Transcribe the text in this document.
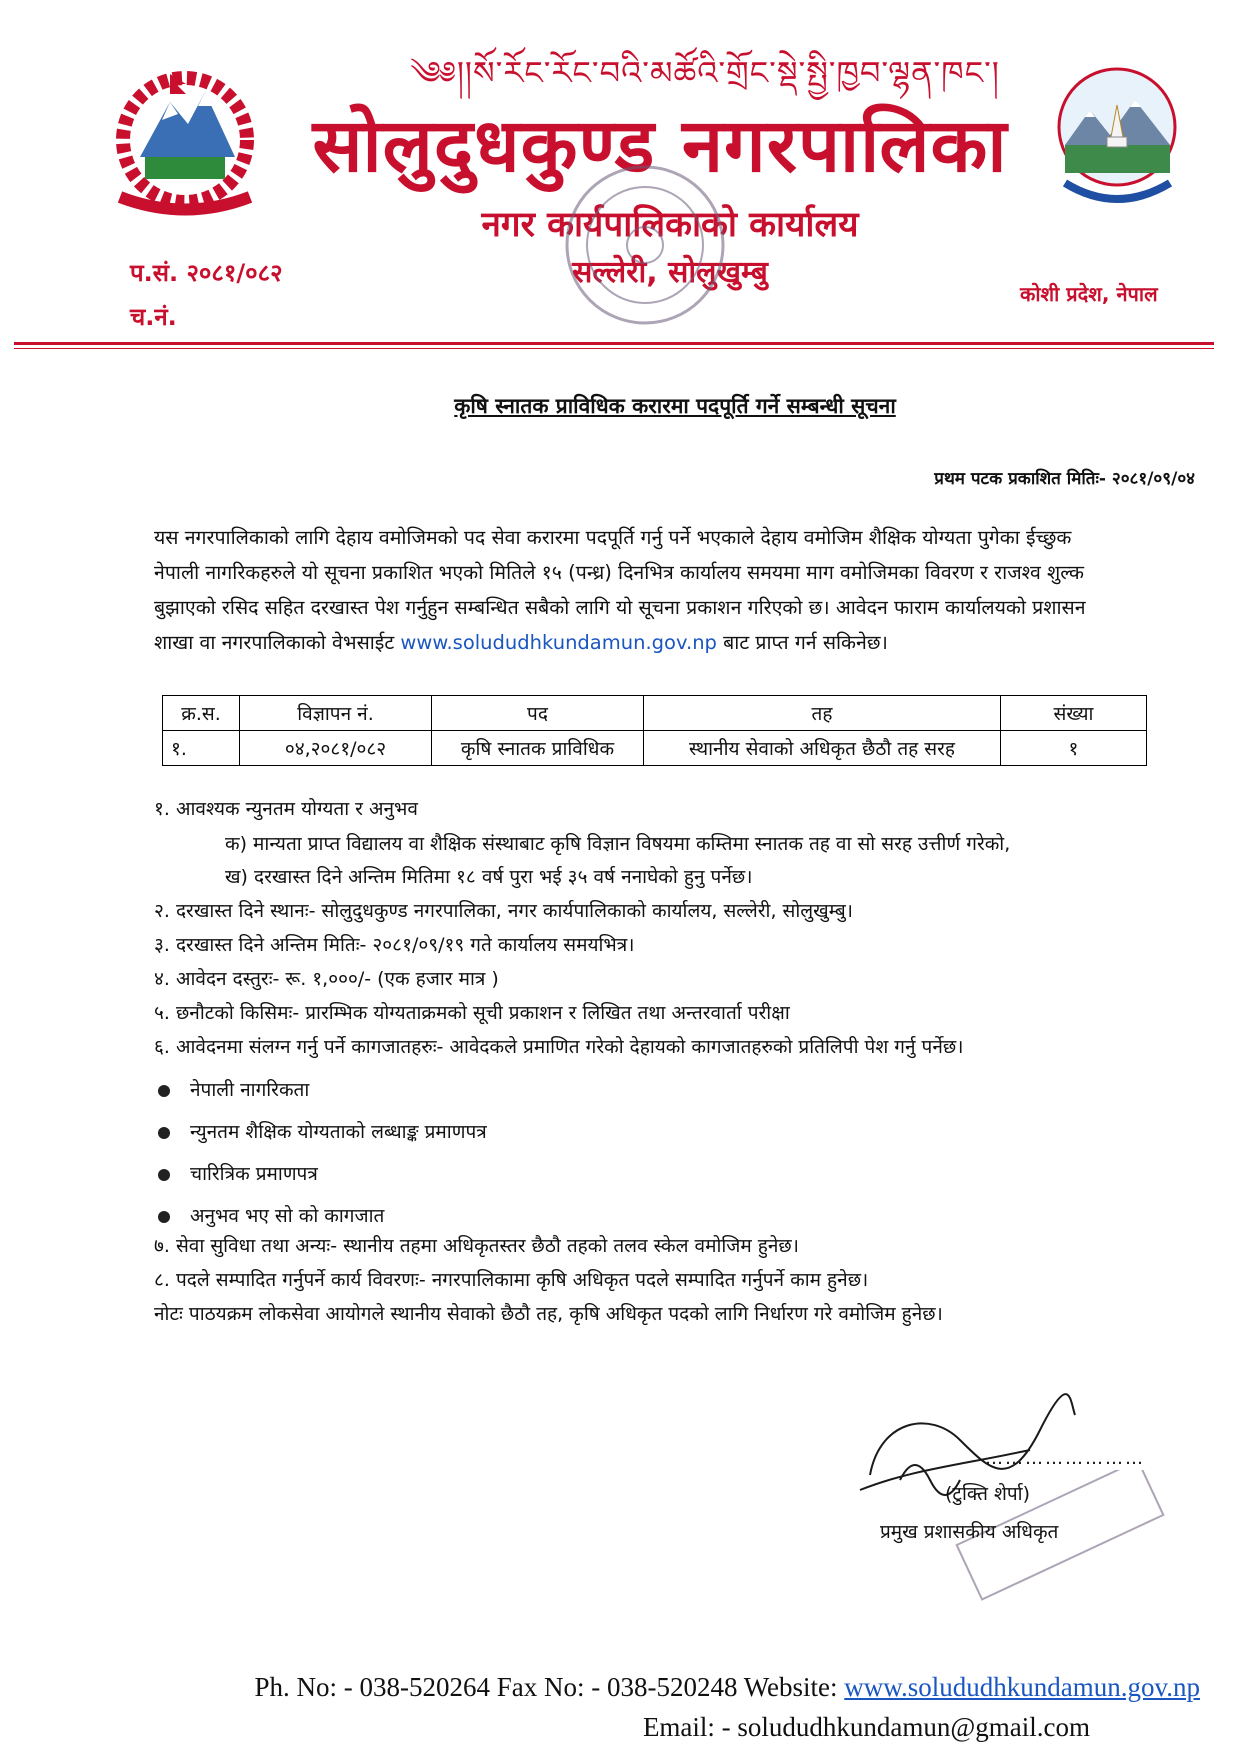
༄༅།།སོ་རོང་རོང་བའི་མཚོའི་གྲོང་སྡེ་སྤྱི་ཁྱབ་ལྷན་ཁང་།
सोलुदुधकुण्ड नगरपालिका
नगर कार्यपालिकाको कार्यालय
सल्लेरी, सोलुखुम्बु
प.सं. २०८१/०८२
च.नं.
कोशी प्रदेश, नेपाल
कृषि स्नातक प्राविधिक करारमा पदपूर्ति गर्ने सम्बन्धी सूचना
प्रथम पटक प्रकाशित मितिः- २०८१/०९/०४
यस नगरपालिकाको लागि देहाय वमोजिमको पद सेवा करारमा पदपूर्ति गर्नु पर्ने भएकाले देहाय वमोजिम शैक्षिक योग्यता पुगेका ईच्छुक
नेपाली नागरिकहरुले यो सूचना प्रकाशित भएको मितिले १५ (पन्ध्र) दिनभित्र कार्यालय समयमा माग वमोजिमका विवरण र राजश्व शुल्क
बुझाएको रसिद सहित दरखास्त पेश गर्नुहुन सम्बन्धित सबैको लागि यो सूचना प्रकाशन गरिएको छ। आवेदन फाराम कार्यालयको प्रशासन
शाखा वा नगरपालिकाको वेभसाईट www.solududhkundamun.gov.np बाट प्राप्त गर्न सकिनेछ।
क्र.स.	विज्ञापन नं.	पद	तह	संख्या
१.	०४,२०८१/०८२	कृषि स्नातक प्राविधिक	स्थानीय सेवाको अधिकृत छैठौ तह सरह	१
१. आवश्यक न्युनतम योग्यता र अनुभव
क) मान्यता प्राप्त विद्यालय वा शैक्षिक संस्थाबाट कृषि विज्ञान विषयमा कम्तिमा स्नातक तह वा सो सरह उत्तीर्ण गरेको,
ख) दरखास्त दिने अन्तिम मितिमा १८ वर्ष पुरा भई ३५ वर्ष ननाघेको हुनु पर्नेछ।
२. दरखास्त दिने स्थानः- सोलुदुधकुण्ड नगरपालिका, नगर कार्यपालिकाको कार्यालय, सल्लेरी, सोलुखुम्बु।
३. दरखास्त दिने अन्तिम मितिः- २०८१/०९/१९ गते कार्यालय समयभित्र।
४. आवेदन दस्तुरः- रू. १,०००/- (एक हजार मात्र )
५. छनौटको किसिमः- प्रारम्भिक योग्यताक्रमको सूची प्रकाशन र लिखित तथा अन्तरवार्ता परीक्षा
६. आवेदनमा संलग्न गर्नु पर्ने कागजातहरुः- आवेदकले प्रमाणित गरेको देहायको कागजातहरुको प्रतिलिपी पेश गर्नु पर्नेछ।
नेपाली नागरिकता
न्युनतम शैक्षिक योग्यताको लब्धाङ्क प्रमाणपत्र
चारित्रिक प्रमाणपत्र
अनुभव भए सो को कागजात
७. सेवा सुविधा तथा अन्यः- स्थानीय तहमा अधिकृतस्तर छैठौ तहको तलव स्केल वमोजिम हुनेछ।
८. पदले सम्पादित गर्नुपर्ने कार्य विवरणः- नगरपालिकामा कृषि अधिकृत पदले सम्पादित गर्नुपर्ने काम हुनेछ।
नोटः पाठयक्रम लोकसेवा आयोगले स्थानीय सेवाको छैठौ तह, कृषि अधिकृत पदको लागि निर्धारण गरे वमोजिम हुनेछ।
……………………
(टुक्ति शेर्पा)
प्रमुख प्रशासकीय अधिकृत
Ph. No: - 038-520264 Fax No: - 038-520248 Website: www.solududhkundamun.gov.np
Email: - solududhkundamun@gmail.com
